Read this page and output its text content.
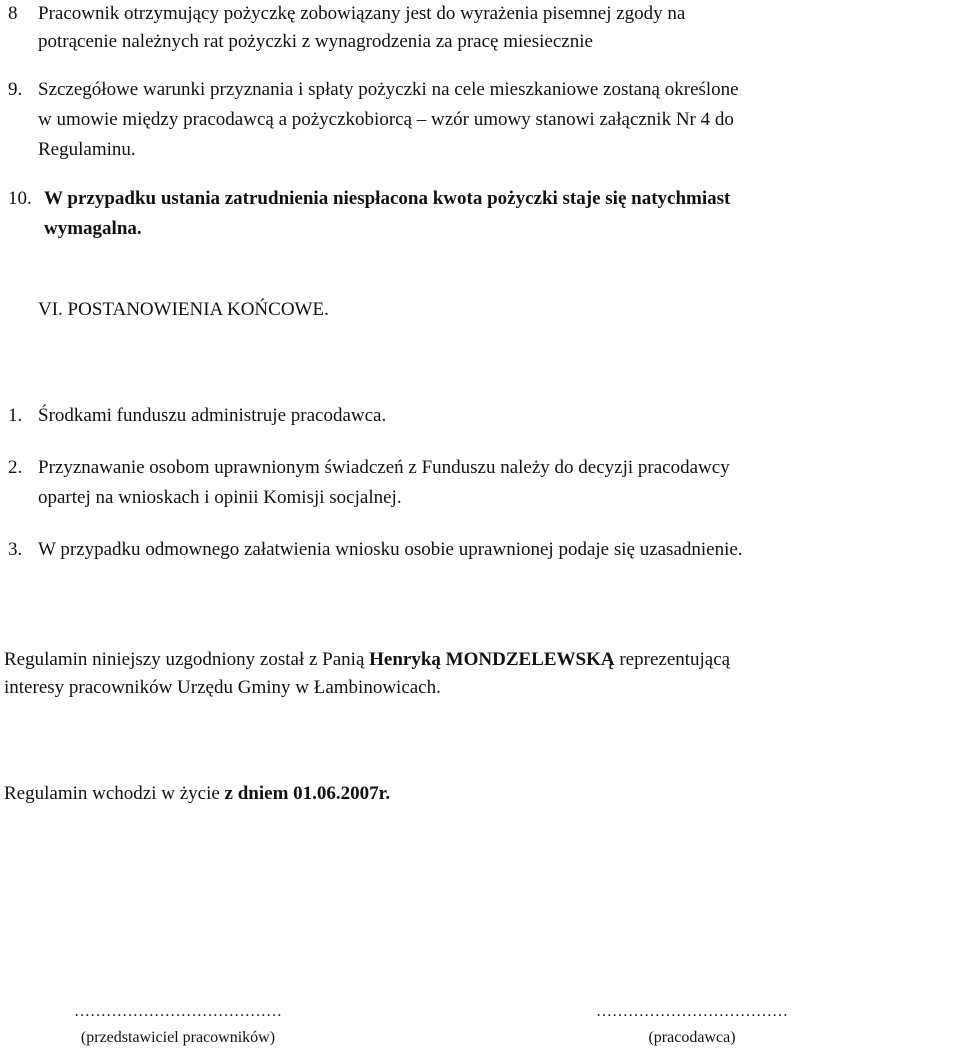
8 Pracownik otrzymujący pożyczkę zobowiązany jest do wyrażenia pisemnej zgody na
potrącenie należnych rat pożyczki z wynagrodzenia za pracę miesiecznie
9. Szczegółowe warunki przyznania i spłaty pożyczki na cele mieszkaniowe zostaną określone
w umowie między pracodawcą a pożyczkobiorcą – wzór umowy stanowi załącznik Nr 4 do
Regulaminu.
10. W przypadku ustania zatrudnienia niespłacona kwota pożyczki staje się natychmiast
wymagalna.
VI. POSTANOWIENIA KOŃCOWE.
1. Środkami funduszu administruje pracodawca.
2. Przyznawanie osobom uprawnionym świadczeń z Funduszu należy do decyzji pracodawcy
opartej na wnioskach i opinii Komisji socjalnej.
3. W przypadku odmownego załatwienia wniosku osobie uprawnionej podaje się uzasadnienie.
Regulamin niniejszy uzgodniony został z Panią Henryką MONDZELEWSKĄ reprezentującą
interesy pracowników Urzędu Gminy w Łambinowicach.
Regulamin wchodzi w życie z dniem 01.06.2007r.
…………………………………
(przedstawiciel pracowników)
………………………………
(pracodawca)
